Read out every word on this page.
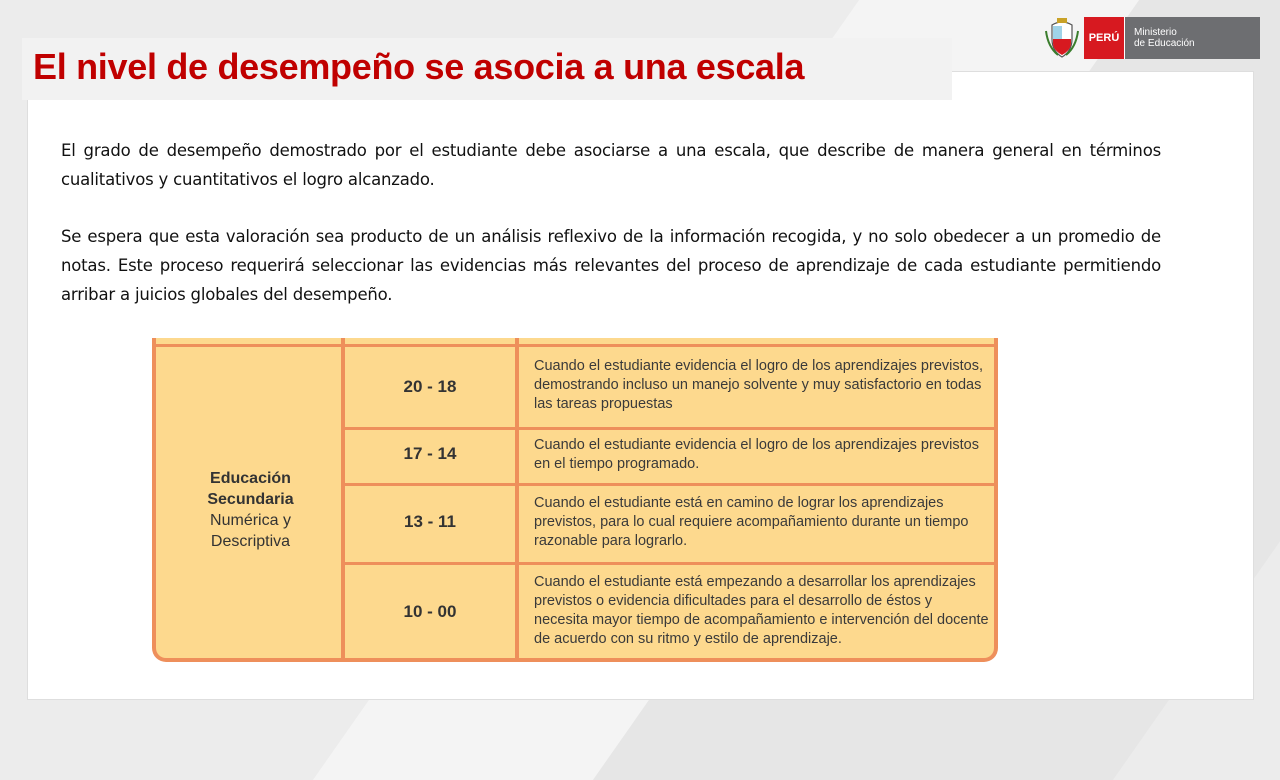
El nivel de desempeño se asocia a una escala
PERÚ	Ministerio
de Educación

El grado de desempeño demostrado por el estudiante debe asociarse a una escala, que describe de manera general en términos cualitativos y cuantitativos el logro alcanzado.

Se espera que esta valoración sea producto de un análisis reflexivo de la información recogida, y no solo obedecer a un promedio de notas. Este proceso requerirá seleccionar las evidencias más relevantes del proceso de aprendizaje de cada estudiante permitiendo arribar a juicios globales del desempeño.

Educación
Secundaria
Numérica y
Descriptiva
20 - 18
Cuando el estudiante evidencia el logro de los aprendizajes previstos, demostrando incluso un manejo solvente y muy satisfactorio en todas las tareas propuestas
17 - 14	Cuando el estudiante evidencia el logro de los aprendizajes previstos en el tiempo programado.
13 - 11
Cuando el estudiante está en camino de lograr los aprendizajes previstos, para lo cual requiere acompañamiento durante un tiempo razonable para lograrlo.
10 - 00
Cuando el estudiante está empezando a desarrollar los aprendizajes previstos o evidencia dificultades para el desarrollo de éstos y necesita mayor tiempo de acompañamiento e intervención del docente de acuerdo con su ritmo y estilo de aprendizaje.
